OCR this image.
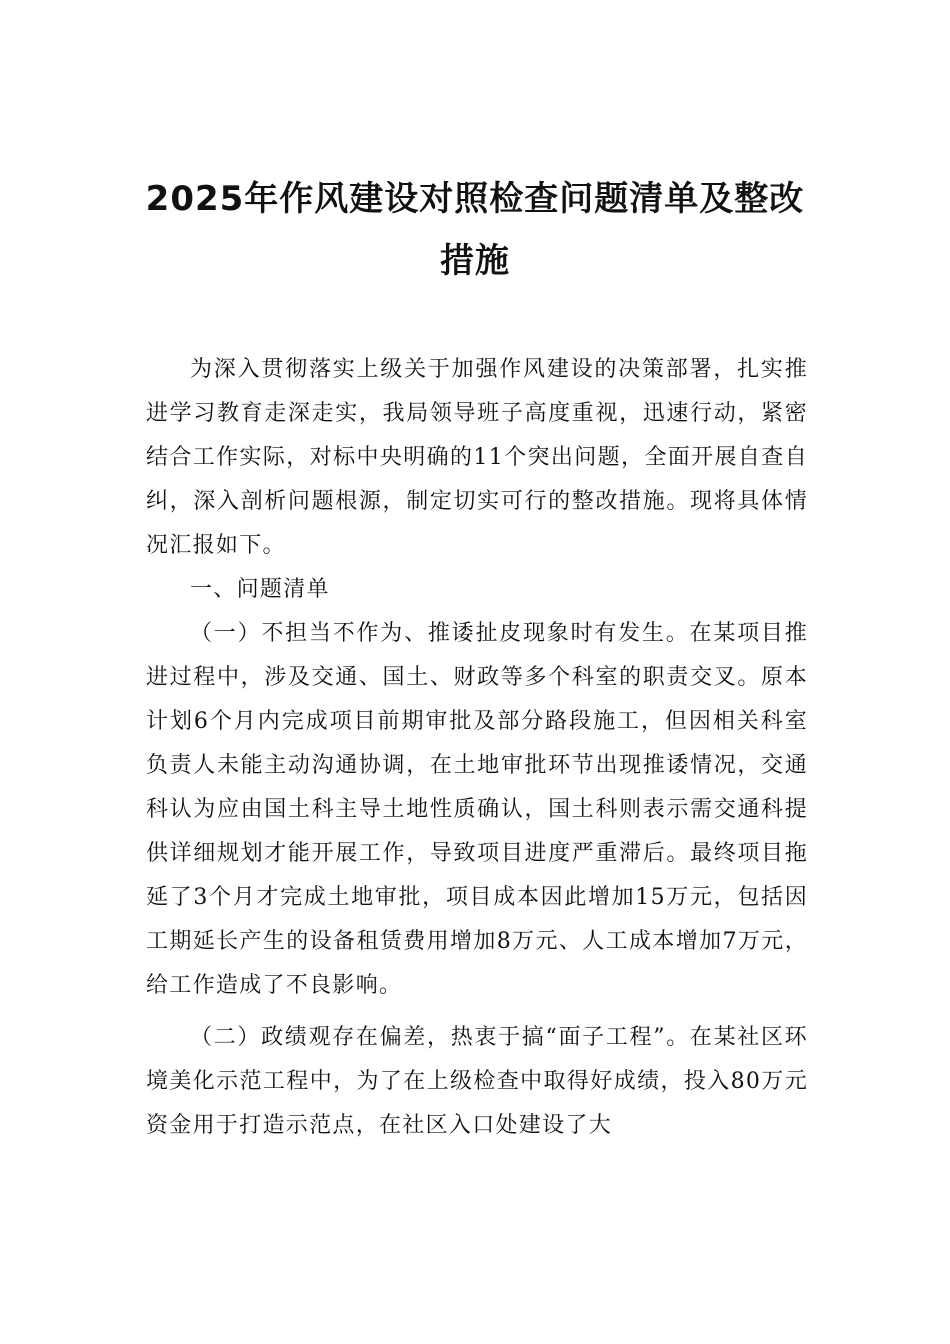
2025年作风建设对照检查问题清单及整改
措施

为深入贯彻落实上级关于加强作风建设的决策部署，扎实推进学习教育走深走实，我局领导班子高度重视，迅速行动，紧密结合工作实际，对标中央明确的11个突出问题，全面开展自查自纠，深入剖析问题根源，制定切实可行的整改措施。现将具体情况汇报如下。

一、问题清单

（一）不担当不作为、推诿扯皮现象时有发生。在某项目推进过程中，涉及交通、国土、财政等多个科室的职责交叉。原本计划6个月内完成项目前期审批及部分路段施工，但因相关科室负责人未能主动沟通协调，在土地审批环节出现推诿情况，交通科认为应由国土科主导土地性质确认，国土科则表示需交通科提供详细规划才能开展工作，导致项目进度严重滞后。最终项目拖延了3个月才完成土地审批，项目成本因此增加15万元，包括因工期延长产生的设备租赁费用增加8万元、人工成本增加7万元，给工作造成了不良影响。

（二）政绩观存在偏差，热衷于搞“面子工程”。在某社区环境美化示范工程中，为了在上级检查中取得好成绩，投入80万元资金用于打造示范点，在社区入口处建设了大
